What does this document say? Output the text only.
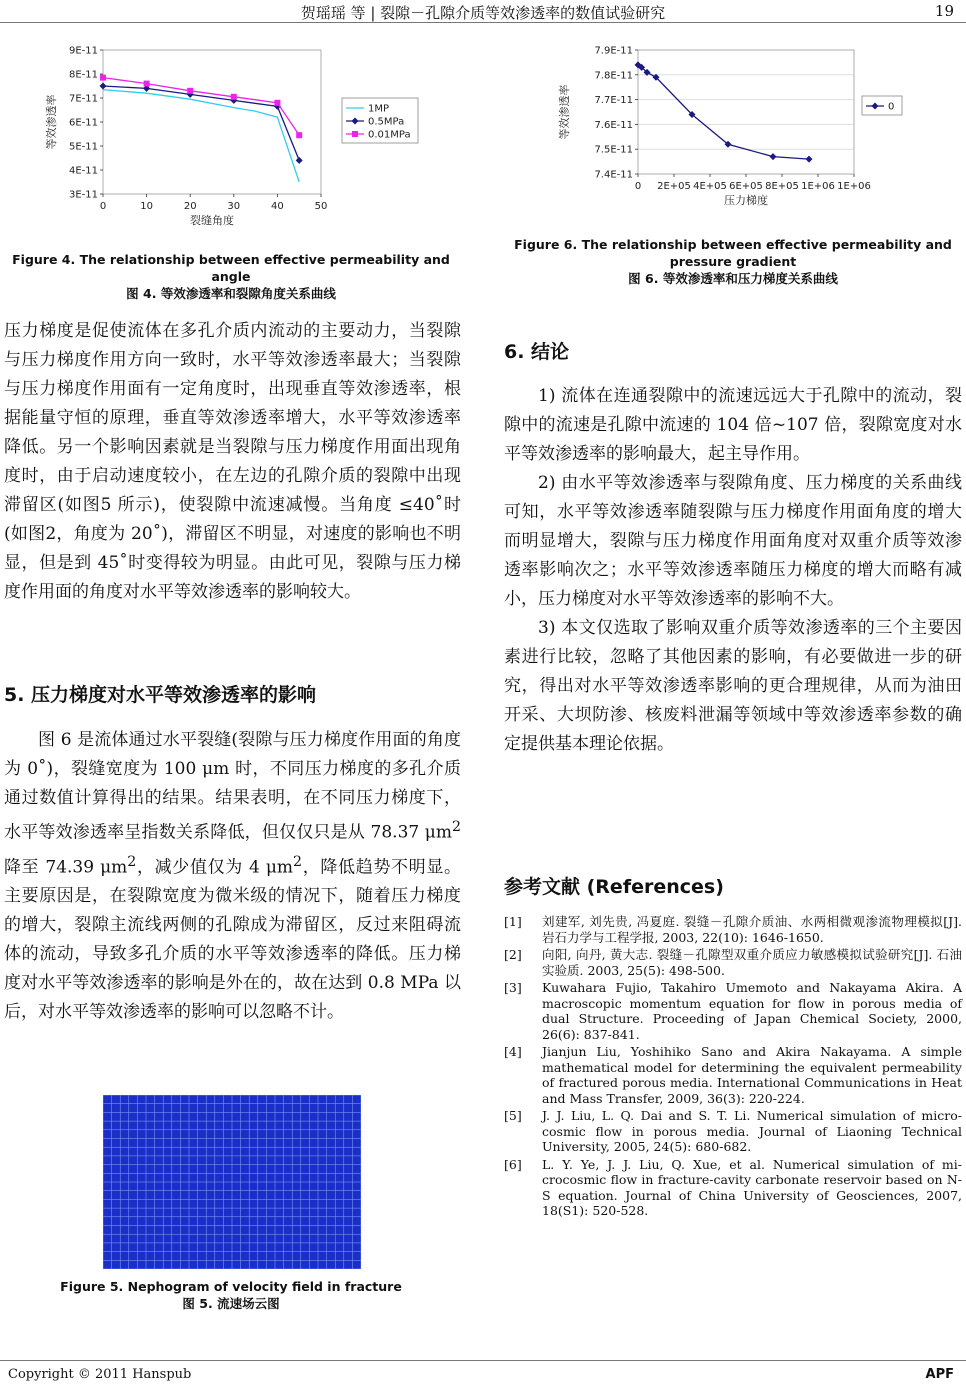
贺瑶瑶 等 | 裂隙－孔隙介质等效渗透率的数值试验研究	19
3E-11
4E-11
5E-11
6E-11
7E-11
8E-11
9E-11
0	10	20	30	40	50
裂缝角度
等效渗透率	1MP
0.5MPa
0.01MPa
Figure 4. The relationship between effective permeability and angle
图 4. 等效渗透率和裂隙角度关系曲线

压力梯度是促使流体在多孔介质内流动的主要动力，当裂隙与压力梯度作用方向一致时，水平等效渗透率最大；当裂隙与压力梯度作用面有一定角度时，出现垂直等效渗透率，根据能量守恒的原理，垂直等效渗透率增大，水平等效渗透率降低。另一个影响因素就是当裂隙与压力梯度作用面出现角度时，由于启动速度较小，在左边的孔隙介质的裂隙中出现滞留区(如图5 所示)，使裂隙中流速减慢。当角度 ≤40˚时(如图2，角度为 20˚)，滞留区不明显，对速度的影响也不明显，但是到 45˚时变得较为明显。由此可见，裂隙与压力梯度作用面的角度对水平等效渗透率的影响较大。

5. 压力梯度对水平等效渗透率的影响

图 6 是流体通过水平裂缝(裂隙与压力梯度作用面的角度为 0˚)，裂缝宽度为 100 μm 时，不同压力梯度的多孔介质通过数值计算得出的结果。结果表明，在不同压力梯度下，水平等效渗透率呈指数关系降低，但仅仅只是从 78.37 $\mu m^2$ 降至 74.39 $\mu m^2$，减少值仅为 4 $\mu m^2$，降低趋势不明显。主要原因是，在裂隙宽度为微米级的情况下，随着压力梯度的增大，裂隙主流线两侧的孔隙成为滞留区，反过来阻碍流体的流动，导致多孔介质的水平等效渗透率的降低。压力梯度对水平等效渗透率的影响是外在的，故在达到 0.8 MPa 以后，对水平等效渗透率的影响可以忽略不计。

Figure 5. Nephogram of velocity field in fracture
图 5. 流速场云图
7.4E-11
7.5E-11
7.6E-11
7.7E-11
7.8E-11
7.9E-11
0 2E+05 4E+05 6E+05 8E+05 1E+06 1E+06
压力梯度
等效渗透率	0
Figure 6. The relationship between effective permeability and pressure gradient
图 6. 等效渗透率和压力梯度关系曲线
6. 结论

1) 流体在连通裂隙中的流速远远大于孔隙中的流动，裂隙中的流速是孔隙中流速的 104 倍~107 倍，裂隙宽度对水平等效渗透率的影响最大，起主导作用。

2) 由水平等效渗透率与裂隙角度、压力梯度的关系曲线可知，水平等效渗透率随裂隙与压力梯度作用面角度的增大而明显增大，裂隙与压力梯度作用面角度对双重介质等效渗透率影响次之；水平等效渗透率随压力梯度的增大而略有减小，压力梯度对水平等效渗透率的影响不大。

3) 本文仅选取了影响双重介质等效渗透率的三个主要因素进行比较，忽略了其他因素的影响，有必要做进一步的研究，得出对水平等效渗透率影响的更合理规律，从而为油田开采、大坝防渗、核废料泄漏等领域中等效渗透率参数的确定提供基本理论依据。

参考文献 (References)
[1]	刘建军, 刘先贵, 冯夏庭. 裂缝－孔隙介质油、水两相微观渗流物理模拟[J]. 岩石力学与工程学报, 2003, 22(10): 1646-1650.
[2]	向阳, 向丹, 黄大志. 裂缝－孔隙型双重介质应力敏感模拟试验研究[J]. 石油实验质. 2003, 25(5): 498-500.
[3]	Kuwahara Fujio, Takahiro Umemoto and Nakayama Akira. A macroscopic momentum equation for flow in porous media of dual Structure. Proceeding of Japan Chemical Society, 2000, 26(6): 837-841.
[4]	Jianjun Liu, Yoshihiko Sano and Akira Nakayama. A simple mathematical model for determining the equivalent permeability of fractured porous media. International Communications in Heat and Mass Transfer, 2009, 36(3): 220-224.
[5]	J. J. Liu, L. Q. Dai and S. T. Li. Numerical simulation of micro-cosmic flow in porous media. Journal of Liaoning Technical University, 2005, 24(5): 680-682.
[6]	L. Y. Ye, J. J. Liu, Q. Xue, et al. Numerical simulation of mi-crocosmic flow in fracture-cavity carbonate reservoir based on N-S equation. Journal of China University of Geosciences, 2007, 18(S1): 520-528.
Copyright © 2011 Hanspub	APF
